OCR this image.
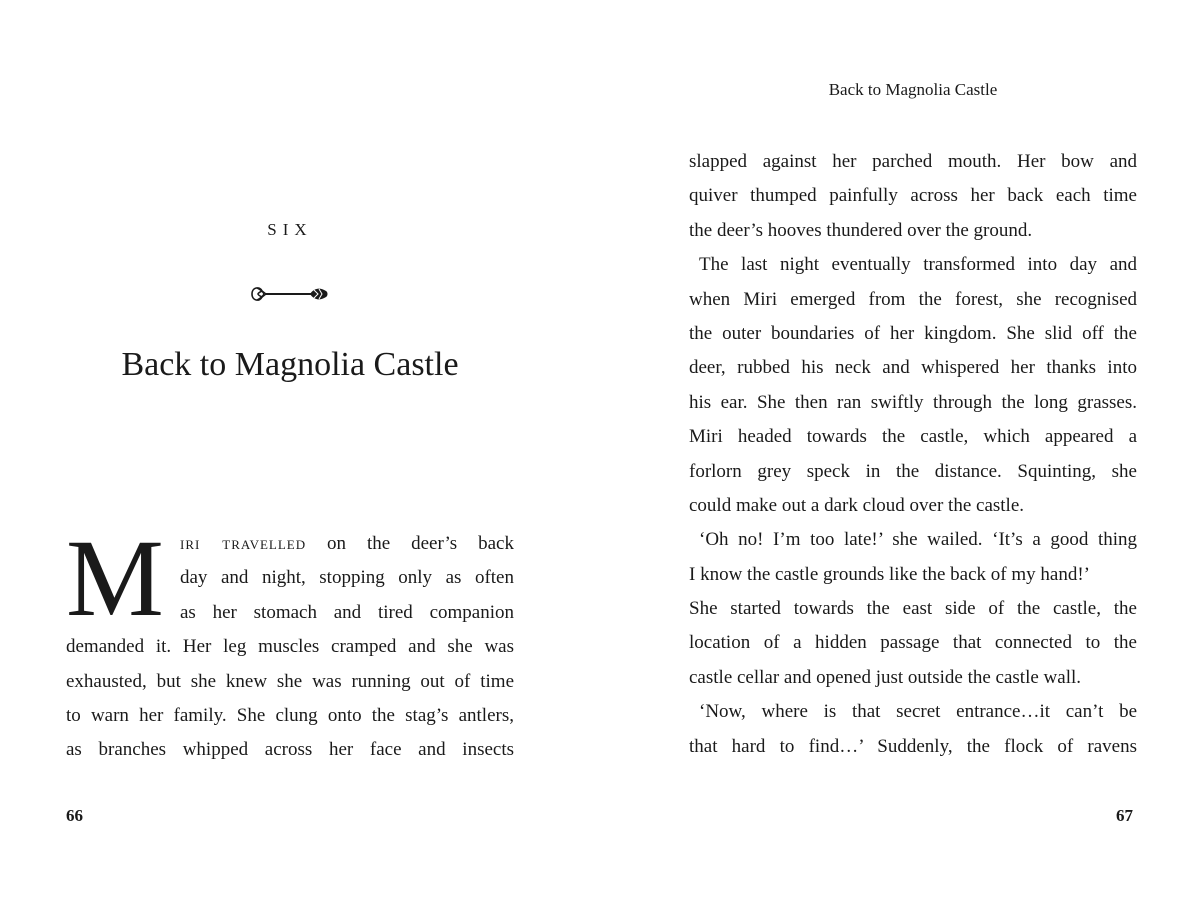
SIX

Back to Magnolia Castle
M iri travelled on the deer’s back
day and night, stopping only as often
as her stomach and tired companion
demanded it. Her leg muscles cramped and she was
exhausted, but she knew she was running out of time
to warn her family. She clung onto the stag’s antlers,
as branches whipped across her face and insects

66

Back to Magnolia Castle

slapped against her parched mouth. Her bow and
quiver thumped painfully across her back each time
the deer’s hooves thundered over the ground.
The last night eventually transformed into day and
when Miri emerged from the forest, she recognised
the outer boundaries of her kingdom. She slid off the
deer, rubbed his neck and whispered her thanks into
his ear. She then ran swiftly through the long grasses.
Miri headed towards the castle, which appeared a
forlorn grey speck in the distance. Squinting, she
could make out a dark cloud over the castle.
‘Oh no! I’m too late!’ she wailed. ‘It’s a good thing
I know the castle grounds like the back of my hand!’
She started towards the east side of the castle, the
location of a hidden passage that connected to the
castle cellar and opened just outside the castle wall.
‘Now, where is that secret entrance…it can’t be
that hard to find…’ Suddenly, the flock of ravens

67
